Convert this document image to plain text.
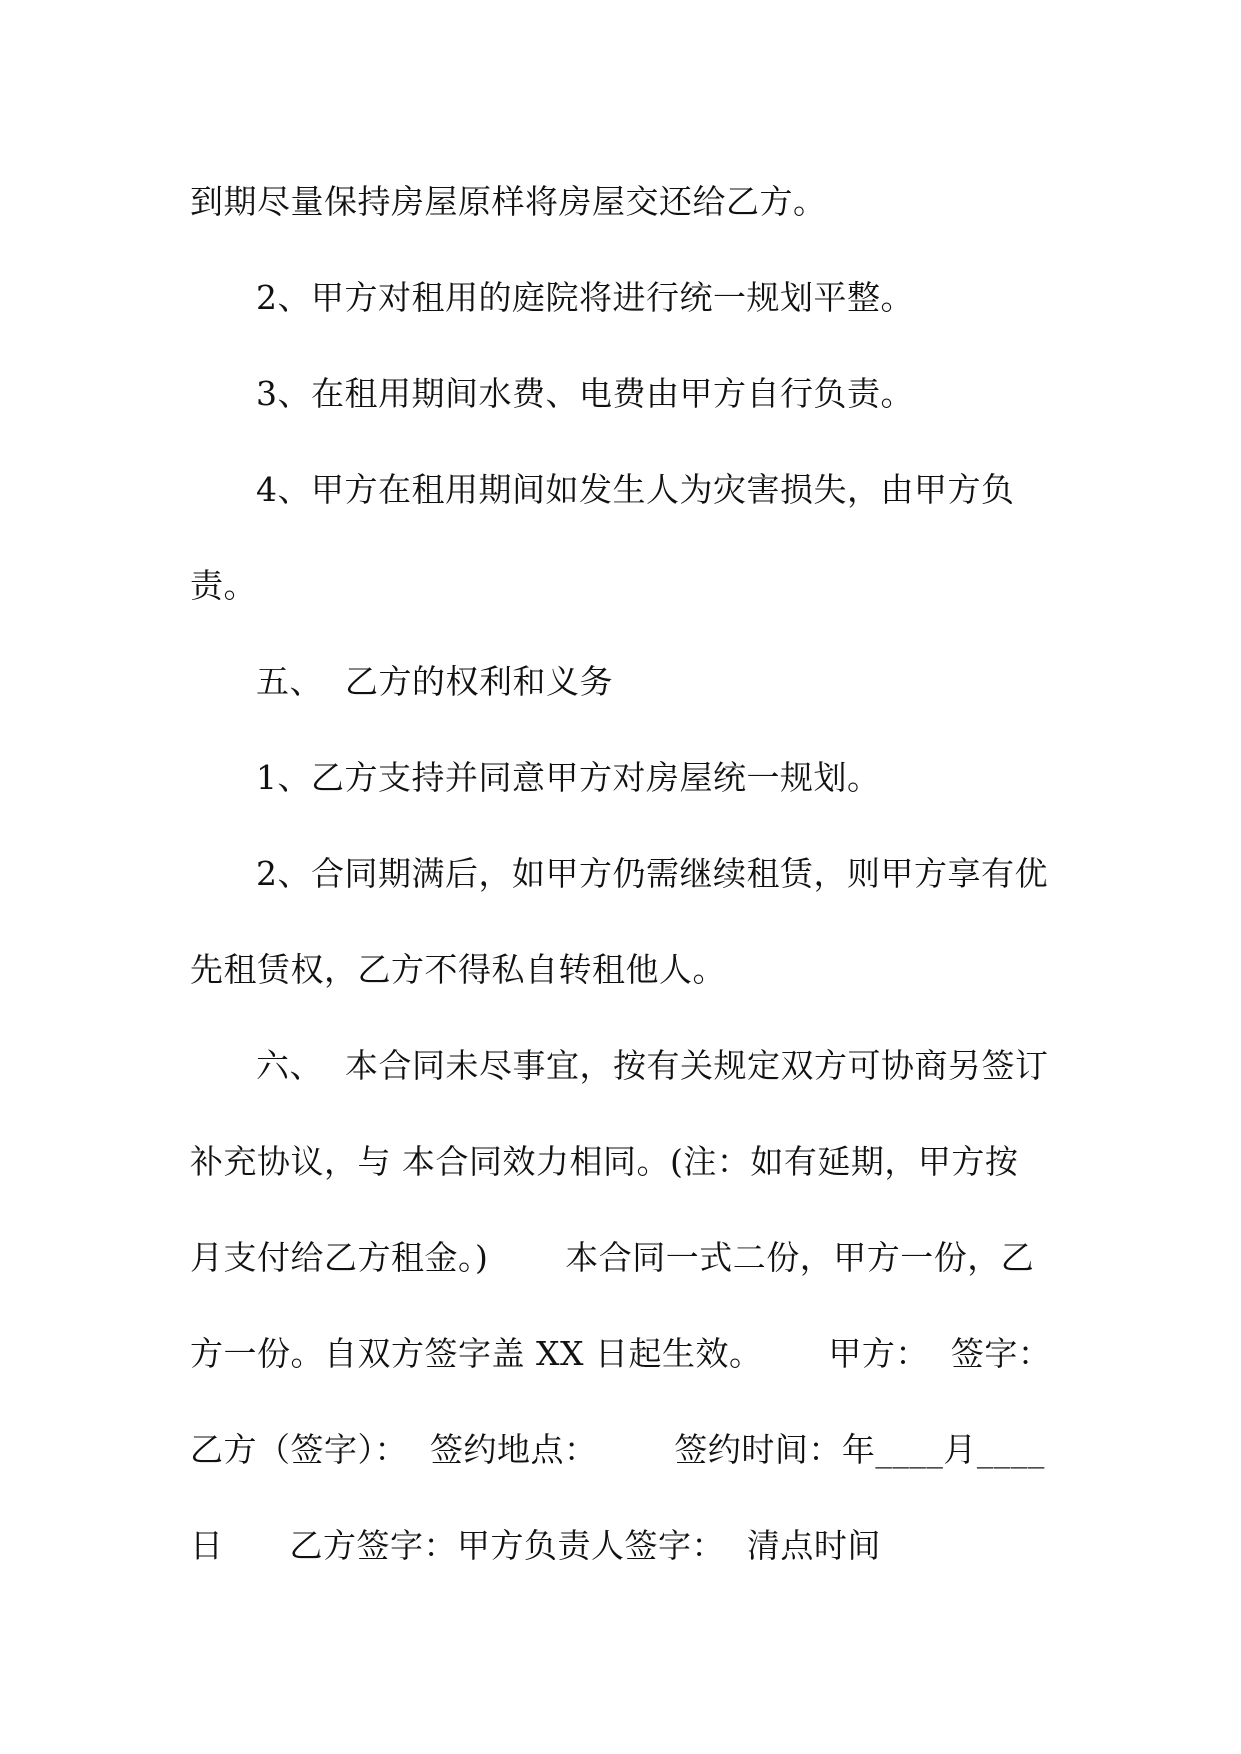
到期尽量保持房屋原样将房屋交还给乙方。
2、甲方对租用的庭院将进行统一规划平整。
3、在租用期间水费、电费由甲方自行负责。
4、甲方在租用期间如发生人为灾害损失，由甲方负
责。
五、  乙方的权利和义务
1、乙方支持并同意甲方对房屋统一规划。
2、合同期满后，如甲方仍需继续租赁，则甲方享有优
先租赁权，乙方不得私自转租他人。
六、  本合同未尽事宜，按有关规定双方可协商另签订
补充协议，与 本合同效力相同。(注：如有延期，甲方按
月支付给乙方租金。)       本合同一式二份，甲方一份，乙
方一份。自双方签字盖 XX 日起生效。      甲方：  签字：
乙方（签字）：  签约地点：       签约时间：年____月____
日      乙方签字：甲方负责人签字：  清点时间
